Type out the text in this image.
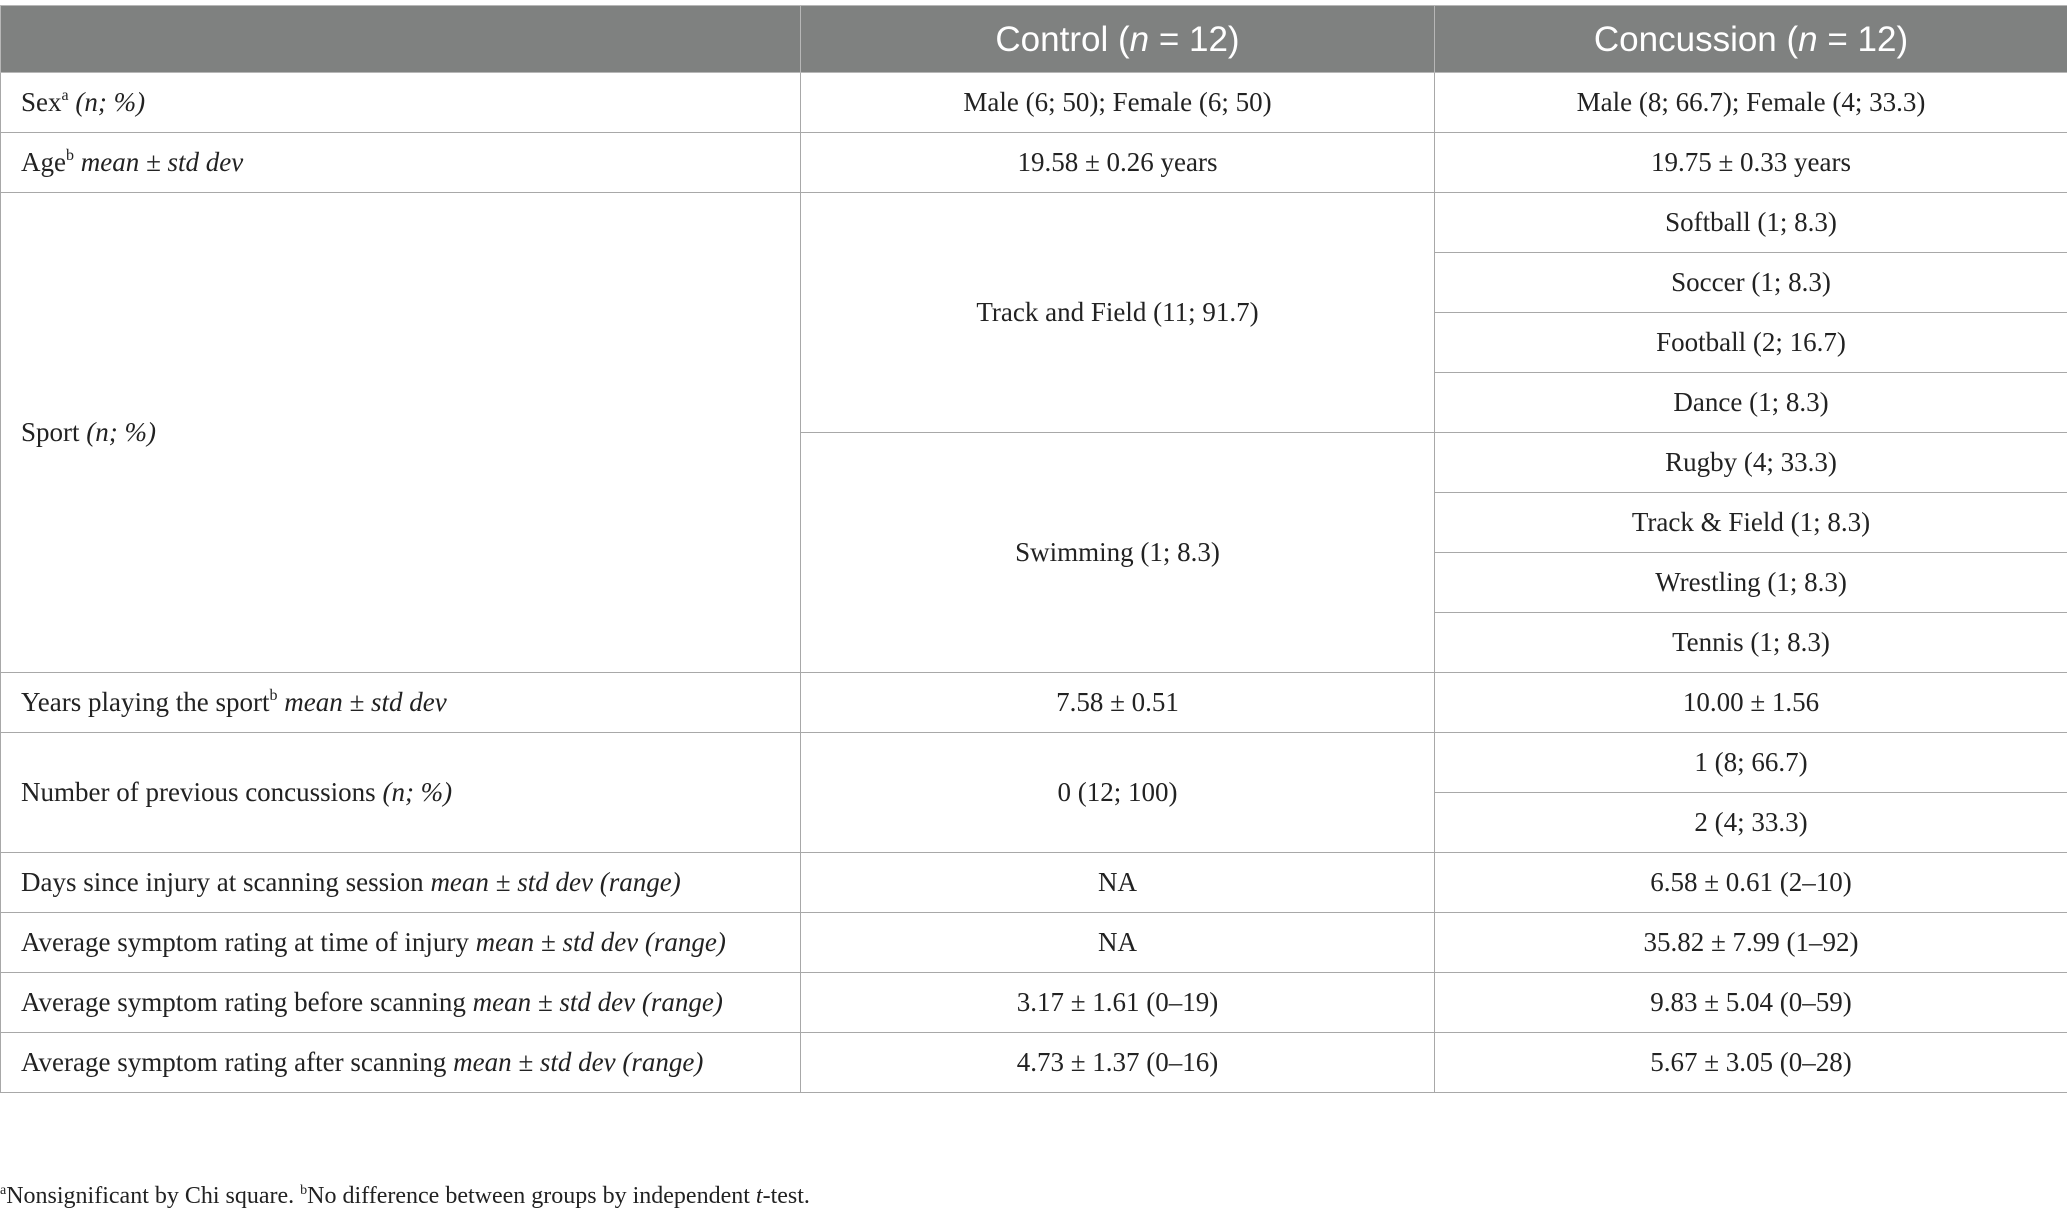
	Control (n = 12)	Concussion (n = 12)
Sex$^a$ (n; %)	Male (6; 50); Female (6; 50)	Male (8; 66.7); Female (4; 33.3)
Age$^b$ mean ± std dev	19.58 ± 0.26 years	19.75 ± 0.33 years
Sport (n; %)	Track and Field (11; 91.7)	Softball (1; 8.3)
		Soccer (1; 8.3)
		Football (2; 16.7)
		Dance (1; 8.3)
	Swimming (1; 8.3)	Rugby (4; 33.3)
		Track & Field (1; 8.3)
		Wrestling (1; 8.3)
		Tennis (1; 8.3)
Years playing the sport$^b$ mean ± std dev	7.58 ± 0.51	10.00 ± 1.56
Number of previous concussions (n; %)	0 (12; 100)	1 (8; 66.7)
		2 (4; 33.3)
Days since injury at scanning session mean ± std dev (range)	NA	6.58 ± 0.61 (2–10)
Average symptom rating at time of injury mean ± std dev (range)	NA	35.82 ± 7.99 (1–92)
Average symptom rating before scanning mean ± std dev (range)	3.17 ± 1.61 (0–19)	9.83 ± 5.04 (0–59)
Average symptom rating after scanning mean ± std dev (range)	4.73 ± 1.37 (0–16)	5.67 ± 3.05 (0–28)
$^a$Nonsignificant by Chi square. $^b$No difference between groups by independent t-test.
